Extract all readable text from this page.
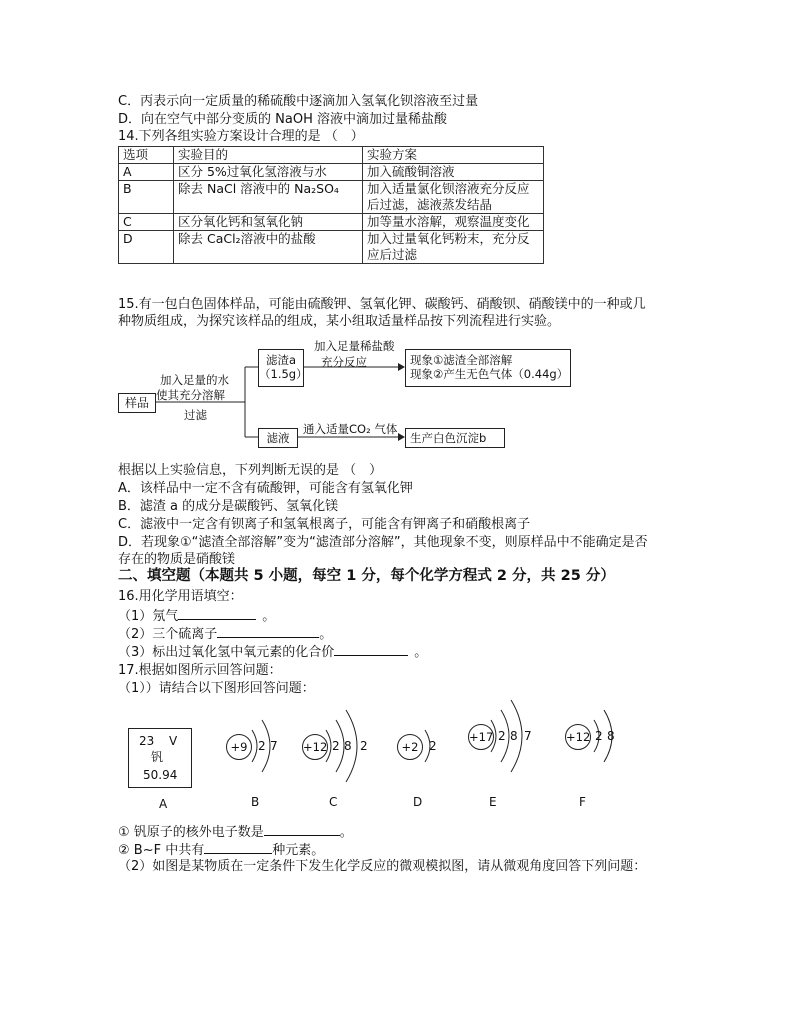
C．丙表示向一定质量的稀硫酸中逐滴加入氢氧化钡溶液至过量
D．向在空气中部分变质的 NaOH 溶液中滴加过量稀盐酸
14.下列各组实验方案设计合理的是 （　）
选项	实验目的	实验方案
A	区分 5%过氧化氢溶液与水	加入硫酸铜溶液
B	除去 NaCl 溶液中的 Na₂SO₄	加入适量氯化钡溶液充分反应后过滤，滤液蒸发结晶
C	区分氧化钙和氢氧化钠	加等量水溶解，观察温度变化
D	除去 CaCl₂溶液中的盐酸	加入过量氧化钙粉末，充分反应后过滤
15.有一包白色固体样品，可能由硫酸钾、氢氧化钾、碳酸钙、硝酸钡、硝酸镁中的一种或几
种物质组成，为探究该样品的组成，某小组取适量样品按下列流程进行实验。
样品
加入足量的水
使其充分溶解
过滤
滤渣a
（1.5g）
加入足量稀盐酸
充分反应	现象①滤渣全部溶解
现象②产生无色气体（0.44g）
滤液
通入适量CO₂ 气体
生产白色沉淀b
根据以上实验信息，下列判断无误的是 （　）
A．该样品中一定不含有硫酸钾，可能含有氢氧化钾
B．滤渣 a 的成分是碳酸钙、氢氧化镁
C．滤液中一定含有钡离子和氢氧根离子，可能含有钾离子和硝酸根离子
D．若现象①“滤渣全部溶解”变为“滤渣部分溶解”，其他现象不变，则原样品中不能确定是否
存在的物质是硝酸镁
二、填空题（本题共 5 小题，每空 1 分，每个化学方程式 2 分，共 25 分）
16.用化学用语填空：
（1）氖气	。
（2）三个硫离子	。
（3）标出过氧化氢中氧元素的化合价	。
17.根据如图所示回答问题：
（1））请结合以下图形回答问题：
23 V
钒
50.94
A
+9 2 7
B
+12 2 8 2
C
+2 2
D
+17 2 8 7
E
+12 2 8
F
① 钒原子的核外电子数是	。
② B~F 中共有	种元素。
（2）如图是某物质在一定条件下发生化学反应的微观模拟图，请从微观角度回答下列问题：
